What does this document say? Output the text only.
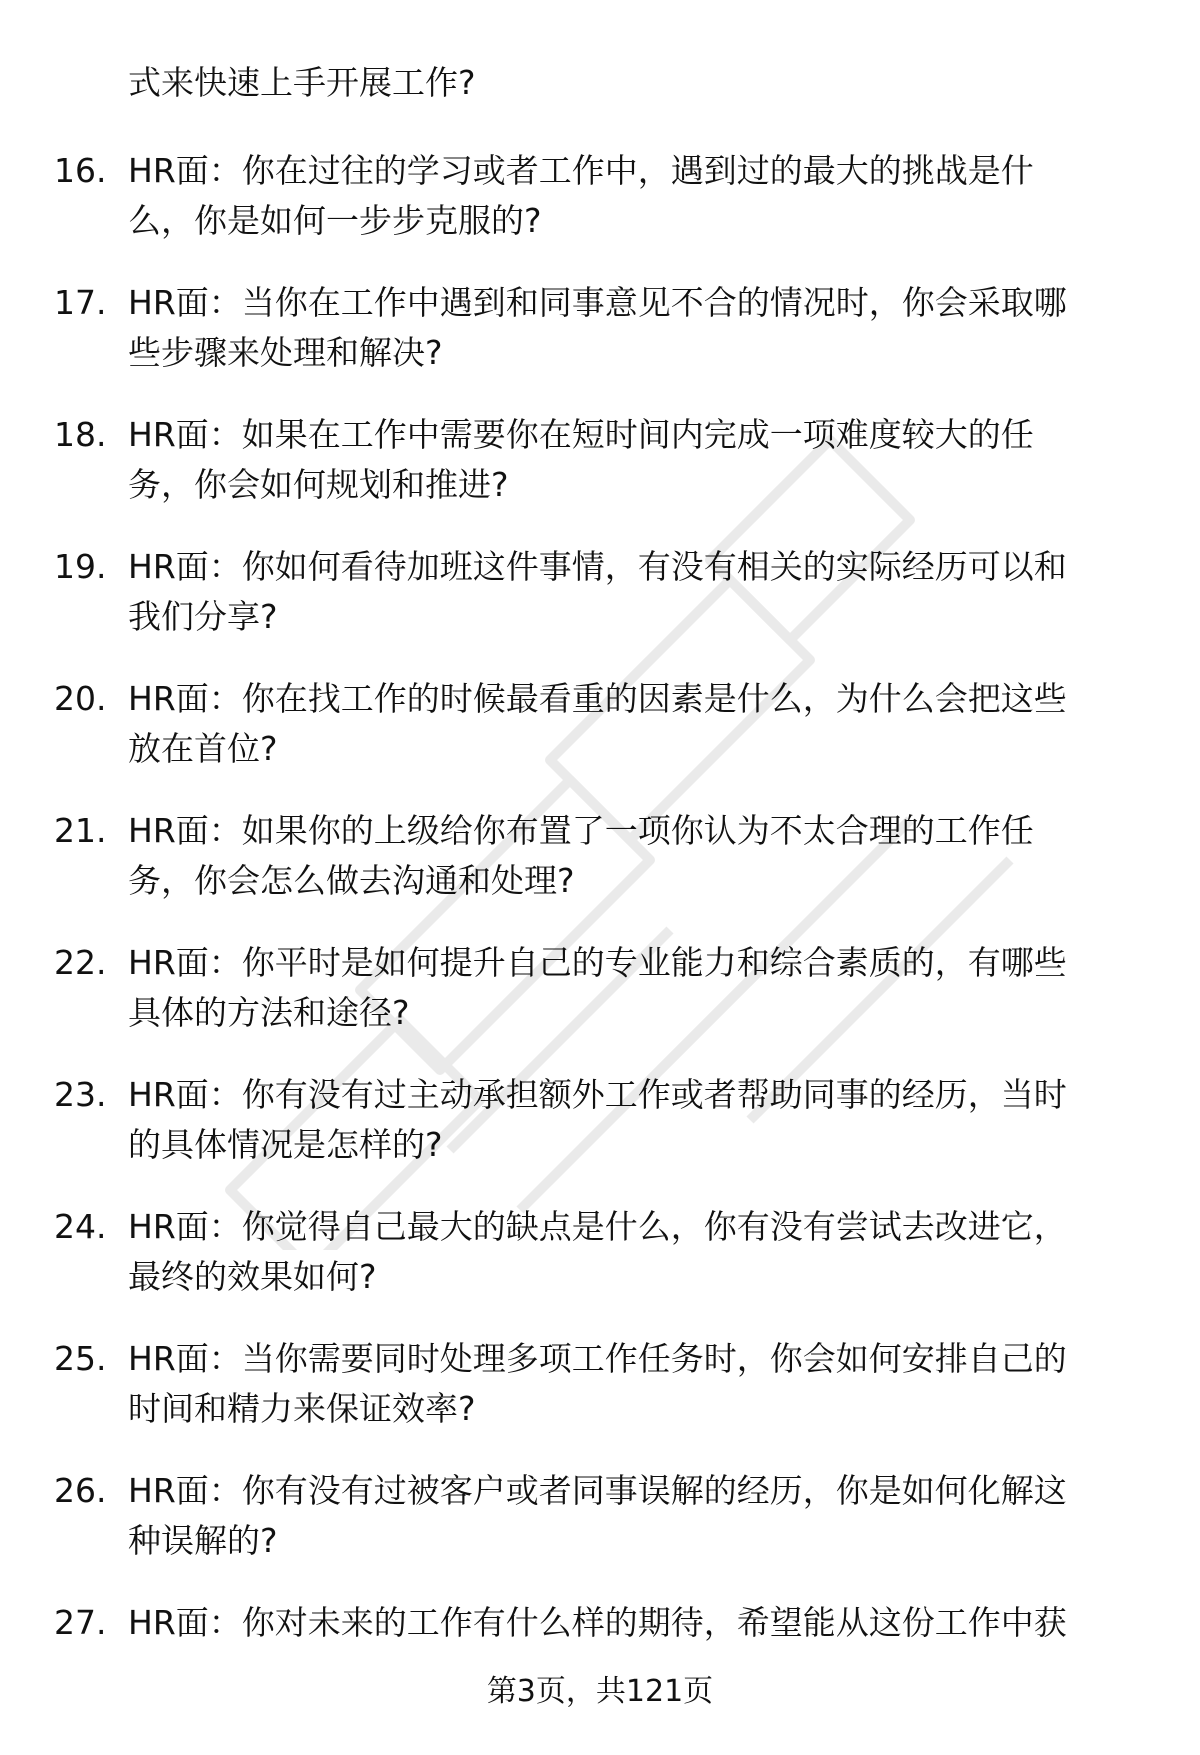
式来快速上手开展工作?
16. HR面：你在过往的学习或者工作中，遇到过的最大的挑战是什
么，你是如何一步步克服的?
17. HR面：当你在工作中遇到和同事意见不合的情况时，你会采取哪
些步骤来处理和解决?
18. HR面：如果在工作中需要你在短时间内完成一项难度较大的任
务，你会如何规划和推进?
19. HR面：你如何看待加班这件事情，有没有相关的实际经历可以和
我们分享?
20. HR面：你在找工作的时候最看重的因素是什么，为什么会把这些
放在首位?
21. HR面：如果你的上级给你布置了一项你认为不太合理的工作任
务，你会怎么做去沟通和处理?
22. HR面：你平时是如何提升自己的专业能力和综合素质的，有哪些
具体的方法和途径?
23. HR面：你有没有过主动承担额外工作或者帮助同事的经历，当时
的具体情况是怎样的?
24. HR面：你觉得自己最大的缺点是什么，你有没有尝试去改进它，
最终的效果如何?
25. HR面：当你需要同时处理多项工作任务时，你会如何安排自己的
时间和精力来保证效率?
26. HR面：你有没有过被客户或者同事误解的经历，你是如何化解这
种误解的?
27. HR面：你对未来的工作有什么样的期待，希望能从这份工作中获
第3页，共121页
